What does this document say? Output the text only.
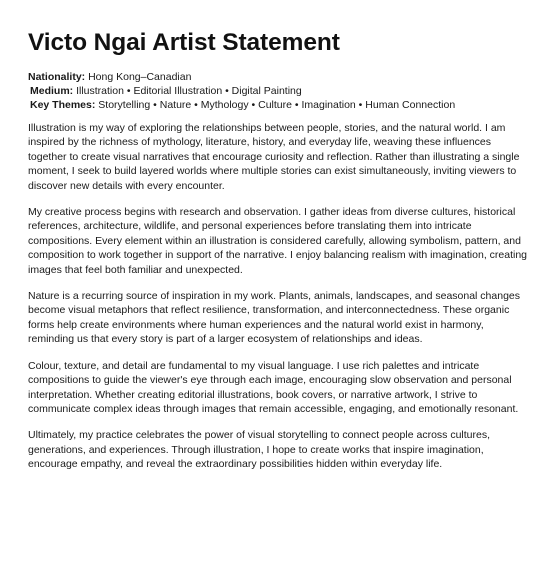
Victo Ngai Artist Statement
Nationality: Hong Kong–Canadian
Medium: Illustration • Editorial Illustration • Digital Painting
Key Themes: Storytelling • Nature • Mythology • Culture • Imagination • Human Connection

Illustration is my way of exploring the relationships between people, stories, and the natural world. I am inspired by the richness of mythology, literature, history, and everyday life, weaving these influences together to create visual narratives that encourage curiosity and reflection. Rather than illustrating a single moment, I seek to build layered worlds where multiple stories can exist simultaneously, inviting viewers to discover new details with every encounter.

My creative process begins with research and observation. I gather ideas from diverse cultures, historical references, architecture, wildlife, and personal experiences before translating them into intricate compositions. Every element within an illustration is considered carefully, allowing symbolism, pattern, and composition to work together in support of the narrative. I enjoy balancing realism with imagination, creating images that feel both familiar and unexpected.

Nature is a recurring source of inspiration in my work. Plants, animals, landscapes, and seasonal changes become visual metaphors that reflect resilience, transformation, and interconnectedness. These organic forms help create environments where human experiences and the natural world exist in harmony, reminding us that every story is part of a larger ecosystem of relationships and ideas.

Colour, texture, and detail are fundamental to my visual language. I use rich palettes and intricate compositions to guide the viewer's eye through each image, encouraging slow observation and personal interpretation. Whether creating editorial illustrations, book covers, or narrative artwork, I strive to communicate complex ideas through images that remain accessible, engaging, and emotionally resonant.

Ultimately, my practice celebrates the power of visual storytelling to connect people across cultures, generations, and experiences. Through illustration, I hope to create works that inspire imagination, encourage empathy, and reveal the extraordinary possibilities hidden within everyday life.
